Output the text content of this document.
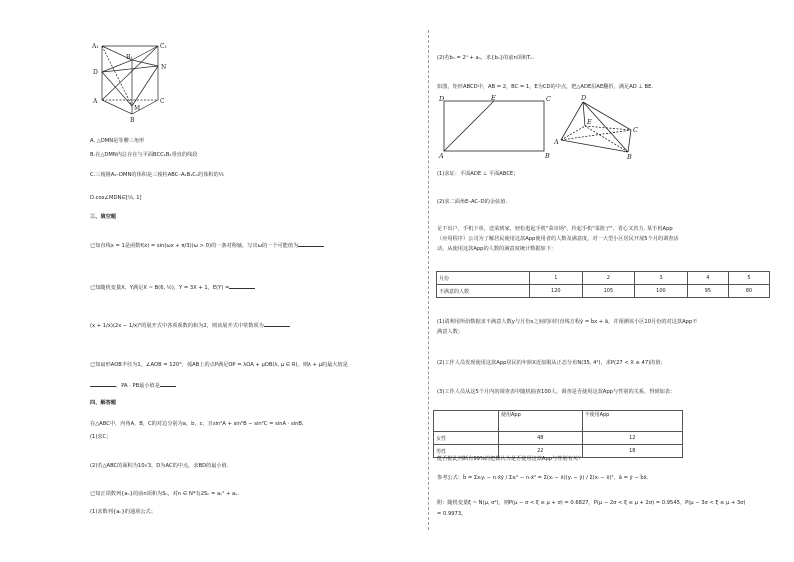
A₁	C₁
B₁
N
D
A	C
M
B
A. △DMN是等腰三角形
B.在△DMN内总存在与平面BCC₁B₁垂直的线段
C.三棱锥A₁–DMN的体积是三棱柱ABC–A₁B₁C₁的体积的⅓
D.cos∠MDN∈[⅓, 1]
三、填空题
已知直线x = 1是函数f(x) = sin(ωx + π/3)(ω > 0)的一条对称轴，写出ω的一个可能值为
已知随机变量X，Y满足X ~ B(6, ½)，Y = 3X + 1，E(Y) =
(x + 1/x)(2x − 1/x)⁵的展开式中各项系数的和为2，则该展开式中常数项为
已知扇形AOB半径为1，∠AOB = 120°，弧AB上的点P满足OP = λOA + μOB(λ, μ ∈ R)，则λ + μ的最大值是
，PA · PB最小值是
四、解答题
在△ABC中，内角A，B，C的对边分别为a，b，c，且sin²A + sin²B − sin²C = sinA · sinB.
(1)求C；
(2)若△ABC的面积为10√3，D为AC的中点，求BD的最小值.
已知正项数列{aₙ}的前n项和为Sₙ，对n ∈ N*有2Sₙ = aₙ² + aₙ.
(1)求数列{aₙ}的通项公式；
(2)若bₙ = 2ⁿ + aₙ，求{bₙ}的前n项和Tₙ.
如图，矩形ABCD中，AB = 2，BC = 1，E为CD的中点，把△ADE沿AE翻折，满足AD ⊥ BE.
D	E	C
A	B
D
E
A
B
C
(1)求证：平面ADE ⊥ 平面ABCE；
(2)求二面角E–AC–D的余弦值.
足不出户，手机下单，送菜到家，轻松逛起手机"菜市场"，拎起手机"菜篮子"，省心又省力. 某手机App
（应用程序）公司为了解居民使用这款App使用者的人数及满意度，对一大型小区居民开展5个月的调查活
动，从使用这款App的人数的满意度统计数据如下：
月份	1	2	3	4	5
不满意的人数	120	105	100	95	80
(1)请利用所给数据求不满意人数y与月份x之间的回归直线方程ŷ = b̂x + â，并预测该小区10月份的对这款App不
满意人数；
(2)工作人员发现使用这款App居民的年龄X近似服从正态分布N(35, 4²)，求P(27 < X ≤ 47)的值；
(3)工作人员从这5个月内的调查表中随机抽查100人，调查是否使用这款App与性别的关系，得到如表：
	使用App	不使用App
女性	48	12
男性	22	18
能否据此判断有99%的把握认为是否使用这款App与性别有关？
参考公式：b̂ = Σxᵢyᵢ − n·x̄ȳ / Σxᵢ² − n·x̄² = Σ(xᵢ − x̄)(yᵢ − ȳ) / Σ(xᵢ − x̄)²，â = ȳ − b̂x̄.
附：随机变量ξ ~ N(μ, σ²)，则P(μ − σ < ξ ≤ μ + σ) = 0.6827，P(μ − 2σ < ξ ≤ μ + 2σ) = 0.9545，P(μ − 3σ < ξ ≤ μ + 3σ)
= 0.9973。
